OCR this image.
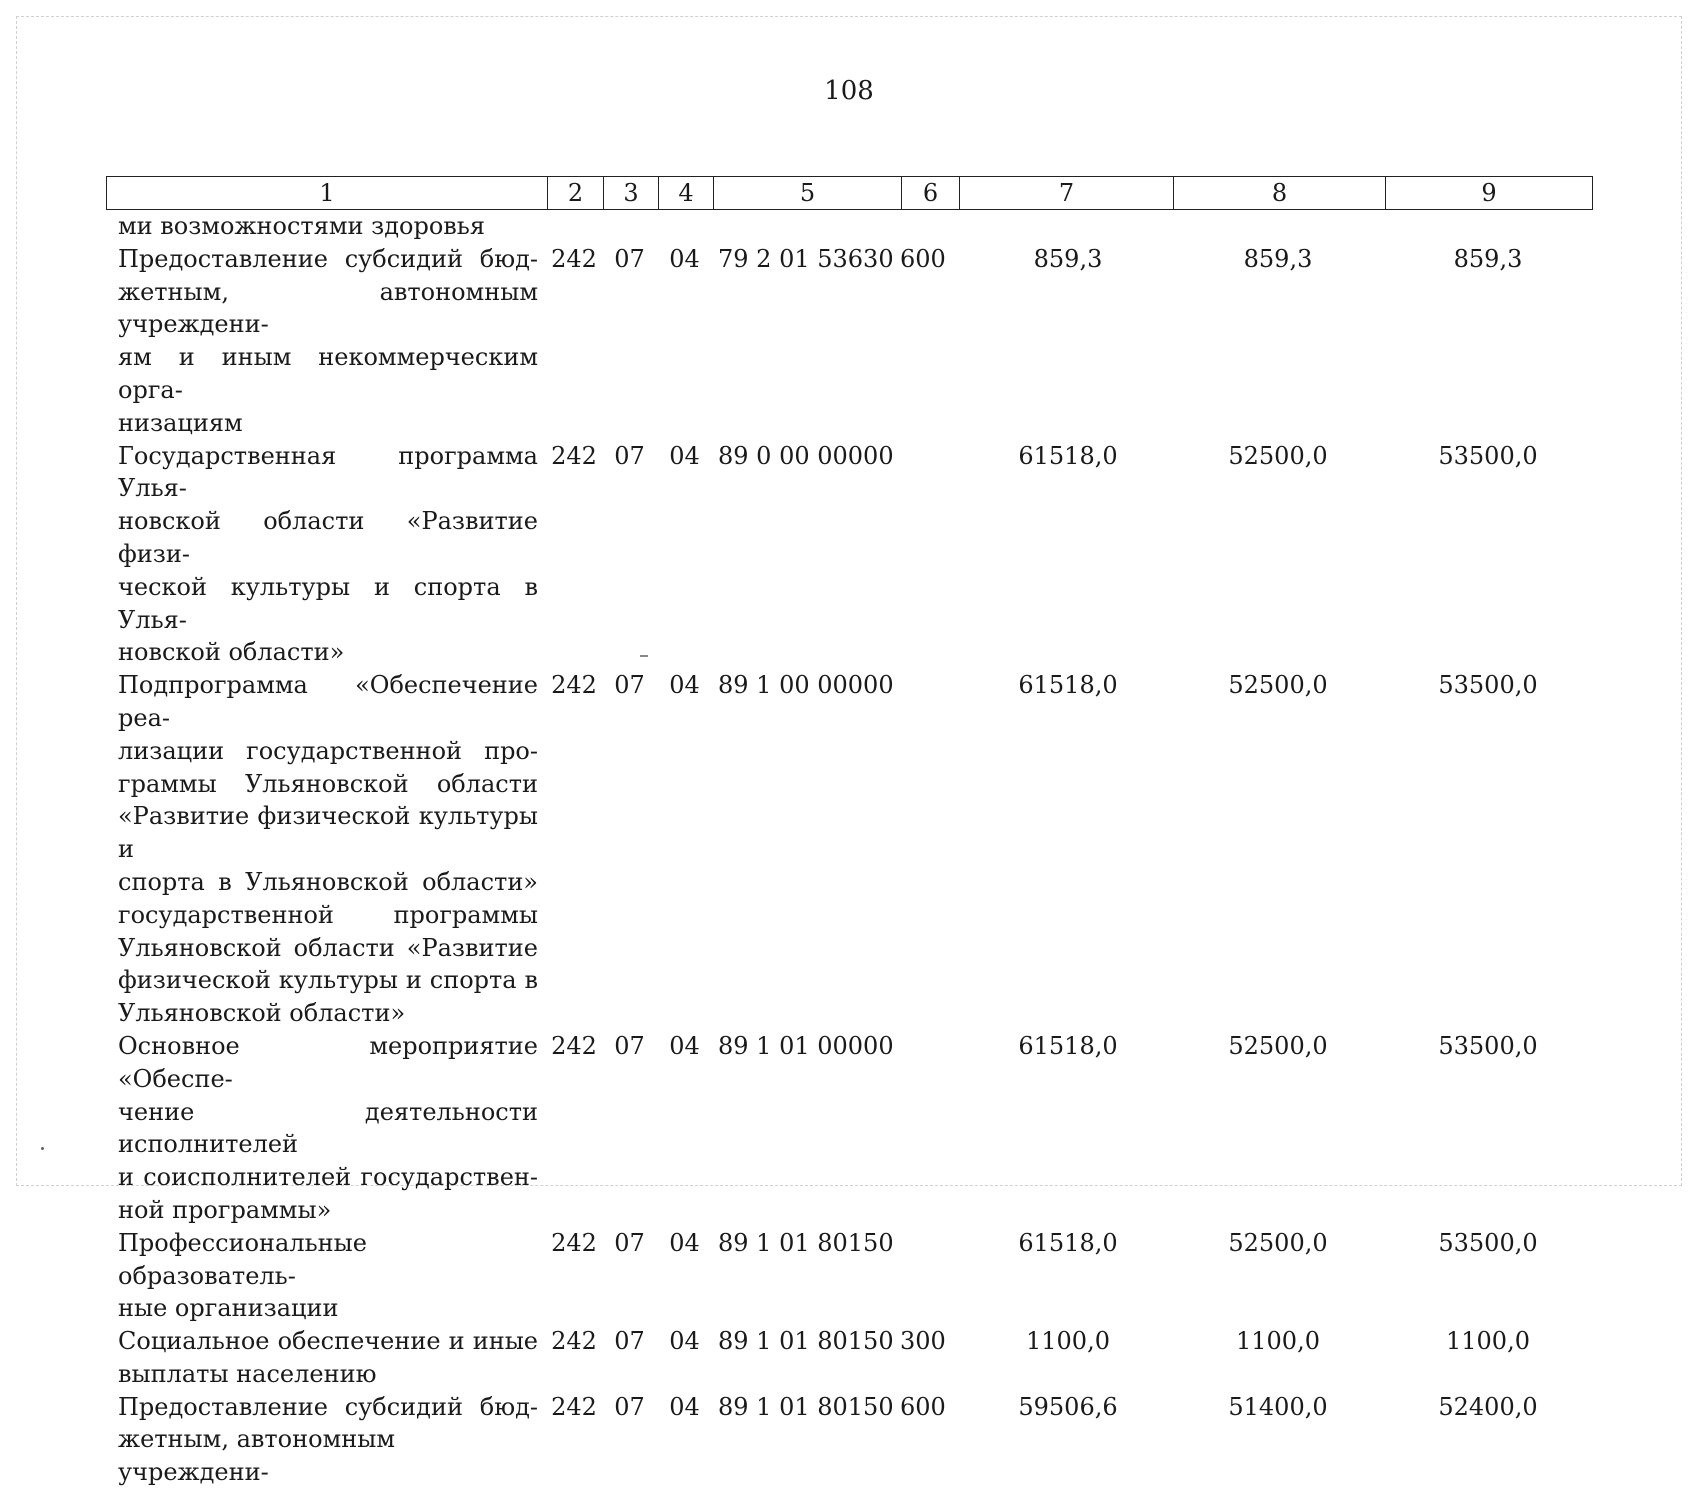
108
1	2	3	4	5	6	7	8	9
ми возможностями здоровья
Предоставление субсидий бюд-
жетным, автономным учреждени-
ям и иным некоммерческим орга-
низациям
242 07	04 79 2 01 53630 600	859,3	859,3	859,3
Государственная программа Улья-
новской области «Развитие физи-
ческой культуры и спорта в Улья-
новской области»
242 07	04 89 0 00 00000	61518,0	52500,0	53500,0
Подпрограмма «Обеспечение реа-
лизации государственной про-
граммы Ульяновской области
«Развитие физической культуры и
спорта в Ульяновской области»
государственной программы
Ульяновской области «Развитие
физической культуры и спорта в
Ульяновской области»
242 07	04 89 1 00 00000	61518,0	52500,0	53500,0
Основное мероприятие «Обеспе-
чение деятельности исполнителей
и соисполнителей государствен-
ной программы»
242 07	04 89 1 01 00000	61518,0	52500,0	53500,0
Профессиональные образователь-
ные организации
242 07	04 89 1 01 80150	61518,0	52500,0	53500,0
Социальное обеспечение и иные
выплаты населению
242 07	04 89 1 01 80150 300	1100,0	1100,0	1100,0
Предоставление субсидий бюд-
жетным, автономным учреждени-
242 07	04 89 1 01 80150 600	59506,6	51400,0	52400,0
